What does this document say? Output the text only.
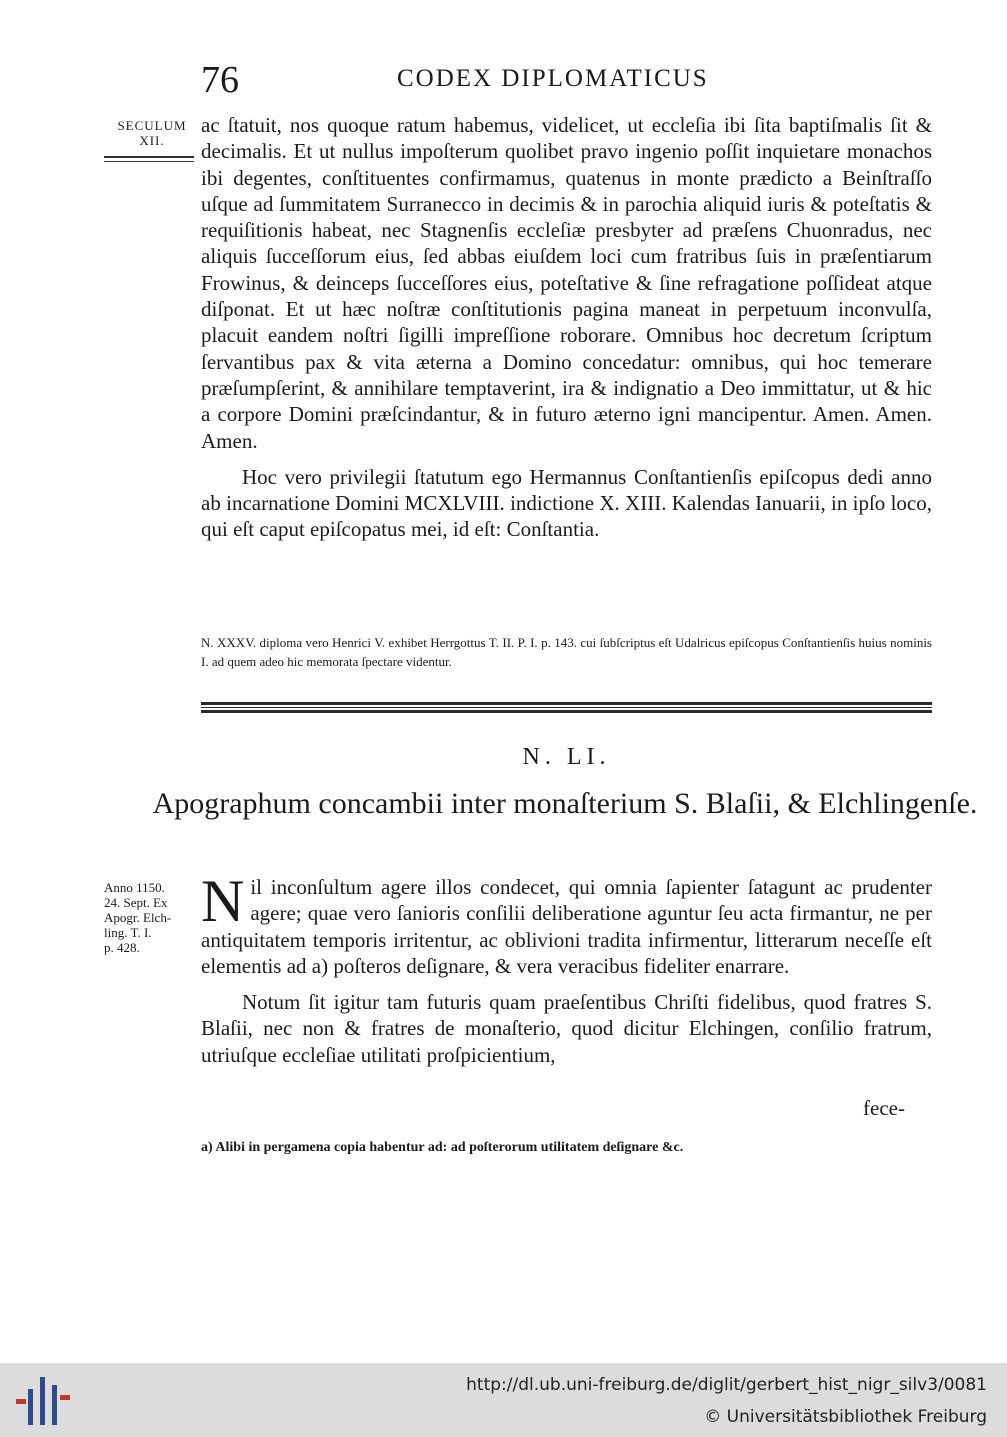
76	CODEX DIPLOMATICUS
SECULUM
XII.

ac ſtatuit, nos quoque ratum habemus, videlicet, ut eccleſia ibi ſita baptiſmalis ſit & decimalis. Et ut nullus impoſterum quolibet pravo ingenio poſſit inquietare monachos ibi degentes, conſtituentes confirmamus, quatenus in monte prædicto a Beinſtraſſo uſque ad ſummitatem Surranecco in decimis & in parochia aliquid iuris & poteſtatis & requiſitionis habeat, nec Stagnenſis eccleſiæ presbyter ad præſens Chuonradus, nec aliquis ſucceſſorum eius, ſed abbas eiuſdem loci cum fratribus ſuis in præſentiarum Frowinus, & deinceps ſucceſſores eius, poteſtative & ſine refragatione poſſideat atque diſponat. Et ut hæc noſtræ conſtitutionis pagina maneat in perpetuum inconvulſa, placuit eandem noſtri ſigilli impreſſione roborare. Omnibus hoc decretum ſcriptum ſervantibus pax & vita æterna a Domino concedatur: omnibus, qui hoc temerare præſumpſerint, & annihilare temptaverint, ira & indignatio a Deo immittatur, ut & hic a corpore Domini præſcindantur, & in futuro æterno igni mancipentur. Amen. Amen. Amen.

Hoc vero privilegii ſtatutum ego Hermannus Conſtantienſis epiſcopus dedi anno ab incarnatione Domini MCXLVIII. indictione X. XIII. Kalendas Ianuarii, in ipſo loco, qui eſt caput epiſcopatus mei, id eſt: Conſtantia.

N. XXXV. diploma vero Henrici V. exhibet Herrgottus T. II. P. I. p. 143. cui ſubſcriptus eſt Udalricus epiſcopus Conſtantienſis huius nominis I. ad quem adeo hic memorata ſpectare videntur.
N. LI.
Apographum concambii inter monaſterium S. Blaſii, & Elchlingenſe.
Anno 1150.
24. Sept. Ex
Apogr. Elch-
ling. T. I.
p. 428.

Nil inconſultum agere illos condecet, qui omnia ſapienter ſatagunt ac prudenter agere; quae vero ſanioris conſilii deliberatione aguntur ſeu acta firmantur, ne per antiquitatem temporis irritentur, ac oblivioni tradita infirmentur, litterarum neceſſe eſt elementis ad a) poſteros deſignare, & vera veracibus fideliter enarrare.

Notum ſit igitur tam futuris quam praeſentibus Chriſti fidelibus, quod fratres S. Blaſii, nec non & fratres de monaſterio, quod dicitur Elchingen, conſilio fratrum, utriuſque eccleſiae utilitati proſpicientium,

fece-
a) Alibi in pergamena copia habentur ad: ad poſterorum utilitatem deſignare &c.
http://dl.ub.uni-freiburg.de/diglit/gerbert_hist_nigr_silv3/0081
© Universitätsbibliothek Freiburg
